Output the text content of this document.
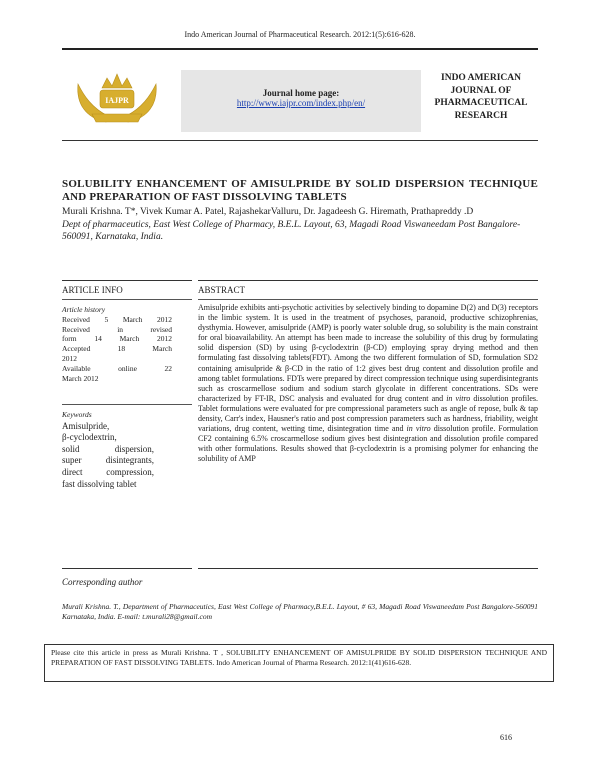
Indo American Journal of Pharmaceutical Research. 2012:1(5):616-628.
IAJPR
Journal home page:
http://www.iajpr.com/index.php/en/
INDO AMERICAN
JOURNAL OF
PHARMACEUTICAL
RESEARCH
SOLUBILITY ENHANCEMENT OF AMISULPRIDE BY SOLID DISPERSION TECHNIQUE AND PREPARATION OF FAST DISSOLVING TABLETS
Murali Krishna. T*, Vivek Kumar A. Patel, RajashekarValluru, Dr. Jagadeesh G. Hiremath, Prathapreddy .D
Dept of pharmaceutics, East West College of Pharmacy, B.E.L. Layout, 63, Magadi Road Viswaneedam Post Bangalore-560091, Karnataka, India.
ARTICLE INFO
Article history
Received 5 March 2012
Received in revised
form 14 March 2012
Accepted 18 March
2012
Available online 22
March 2012
Keywords
Amisulpride,
β-cyclodextrin,
solid dispersion,
super disintegrants,
direct compression,
fast dissolving tablet
ABSTRACT
Amisulpride exhibits anti-psychotic activities by selectively binding to dopamine D(2) and D(3) receptors in the limbic system. It is used in the treatment of psychoses, paranoid, productive schizophrenias, dysthymia. However, amisulpride (AMP) is poorly water soluble drug, so solubility is the main constraint for oral bioavailability. An attempt has been made to increase the solubility of this drug by formulating solid dispersion (SD) by using β-cyclodextrin (β-CD) employing spray drying method and then formulating fast dissolving tablets(FDT). Among the two different formulation of SD, formulation SD2 containing amisulpride & β-CD in the ratio of 1:2 gives best drug content and dissolution profile and among tablet formulations. FDTs were prepared by direct compression technique using superdisintegrants such as croscarmellose sodium and sodium starch glycolate in different concentrations. SDs were characterized by FT-IR, DSC analysis and evaluated for drug content and in vitro dissolution profiles. Tablet formulations were evaluated for pre compressional parameters such as angle of repose, bulk & tap density, Carr's index, Hausner's ratio and post compression parameters such as hardness, friability, weight variations, drug content, wetting time, disintegration time and in vitro dissolution profile. Formulation CF2 containing 6.5% croscarmellose sodium gives best disintegration and dissolution profile compared with other formulations. Results showed that β-cyclodextrin is a promising polymer for enhancing the solubility of AMP
Corresponding author
Murali Krishna. T., Department of Pharmaceutics, East West College of Pharmacy,B.E.L. Layout, # 63, Magadi Road Viswaneedam Post Bangalore-560091 Karnataka, India. E-mail: t.murali28@gmail.com
Please cite this article in press as Murali Krishna. T , SOLUBILITY ENHANCEMENT OF AMISULPRIDE BY SOLID DISPERSION TECHNIQUE AND PREPARATION OF FAST DISSOLVING TABLETS. Indo American Journal of Pharma Research. 2012:1(41)616-628.
616
